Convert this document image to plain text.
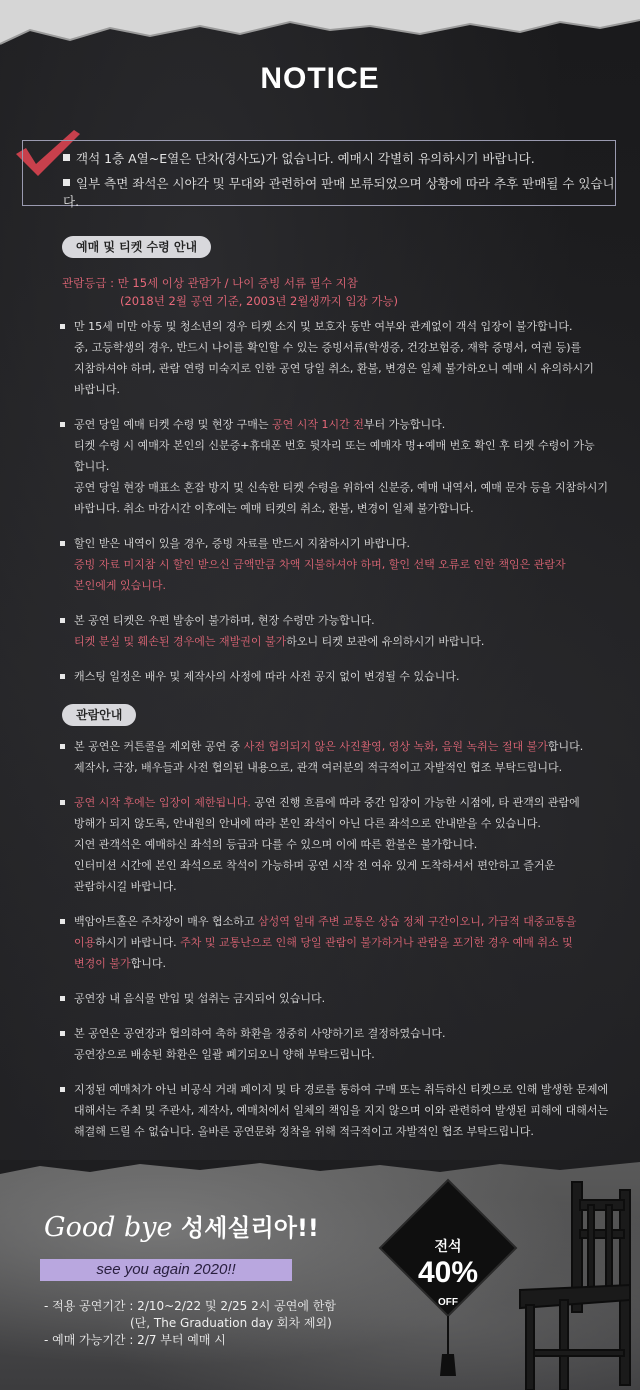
NOTICE
객석 1층 A열~E열은 단차(경사도)가 없습니다. 예매시 각별히 유의하시기 바랍니다.
일부 측면 좌석은 시야각 및 무대와 관련하여 판매 보류되었으며 상황에 따라 추후 판매될 수 있습니다.
예매 및 티켓 수령 안내
관람등급 : 만 15세 이상 관람가 / 나이 증빙 서류 필수 지참
(2018년 2월 공연 기준, 2003년 2월생까지 입장 가능)
만 15세 미만 아동 및 청소년의 경우 티켓 소지 및 보호자 동반 여부와 관계없이 객석 입장이 불가합니다.
중, 고등학생의 경우, 반드시 나이를 확인할 수 있는 증빙서류(학생증, 건강보험증, 재학 증명서, 여권 등)를
지참하셔야 하며, 관람 연령 미숙지로 인한 공연 당일 취소, 환불, 변경은 일체 불가하오니 예매 시 유의하시기
바랍니다.
공연 당일 예매 티켓 수령 및 현장 구매는 공연 시작 1시간 전부터 가능합니다.
티켓 수령 시 예매자 본인의 신분증+휴대폰 번호 뒷자리 또는 예매자 명+예매 번호 확인 후 티켓 수령이 가능
합니다.
공연 당일 현장 매표소 혼잡 방지 및 신속한 티켓 수령을 위하여 신분증, 예매 내역서, 예매 문자 등을 지참하시기
바랍니다. 취소 마감시간 이후에는 예매 티켓의 취소, 환불, 변경이 일체 불가합니다.
할인 받은 내역이 있을 경우, 증빙 자료를 반드시 지참하시기 바랍니다.
증빙 자료 미지참 시 할인 받으신 금액만큼 차액 지불하셔야 하며, 할인 선택 오류로 인한 책임은 관람자
본인에게 있습니다.
본 공연 티켓은 우편 발송이 불가하며, 현장 수령만 가능합니다.
티켓 분실 및 훼손된 경우에는 재발권이 불가하오니 티켓 보관에 유의하시기 바랍니다.
캐스팅 일정은 배우 및 제작사의 사정에 따라 사전 공지 없이 변경될 수 있습니다.
관람안내
본 공연은 커튼콜을 제외한 공연 중 사전 협의되지 않은 사진촬영, 영상 녹화, 음원 녹취는 절대 불가합니다.
제작사, 극장, 배우들과 사전 협의된 내용으로, 관객 여러분의 적극적이고 자발적인 협조 부탁드립니다.
공연 시작 후에는 입장이 제한됩니다. 공연 진행 흐름에 따라 중간 입장이 가능한 시점에, 타 관객의 관람에
방해가 되지 않도록, 안내원의 안내에 따라 본인 좌석이 아닌 다른 좌석으로 안내받을 수 있습니다.
지연 관객석은 예매하신 좌석의 등급과 다를 수 있으며 이에 따른 환불은 불가합니다.
인터미션 시간에 본인 좌석으로 착석이 가능하며 공연 시작 전 여유 있게 도착하셔서 편안하고 즐거운
관람하시길 바랍니다.
백암아트홀은 주차장이 매우 협소하고 삼성역 일대 주변 교통은 상습 정체 구간이오니, 가급적 대중교통을
이용하시기 바랍니다. 주차 및 교통난으로 인해 당일 관람이 불가하거나 관람을 포기한 경우 예매 취소 및
변경이 불가합니다.
공연장 내 음식물 반입 및 섭취는 금지되어 있습니다.
본 공연은 공연장과 협의하여 축하 화환을 정중히 사양하기로 결정하였습니다.
공연장으로 배송된 화환은 일괄 폐기되오니 양해 부탁드립니다.
지정된 예매처가 아닌 비공식 거래 페이지 및 타 경로를 통하여 구매 또는 취득하신 티켓으로 인해 발생한 문제에
대해서는 주최 및 주관사, 제작사, 예매처에서 일체의 책임을 지지 않으며 이와 관련하여 발생된 피해에 대해서는
해결해 드릴 수 없습니다. 올바른 공연문화 정착을 위해 적극적이고 자발적인 협조 부탁드립니다.
Good bye 성세실리아!!
see you again 2020!!
- 적용 공연기간 : 2/10~2/22 및 2/25 2시 공연에 한함
(단, The Graduation day 회차 제외)
- 예매 가능기간 : 2/7 부터 예매 시
전석
40%
OFF
